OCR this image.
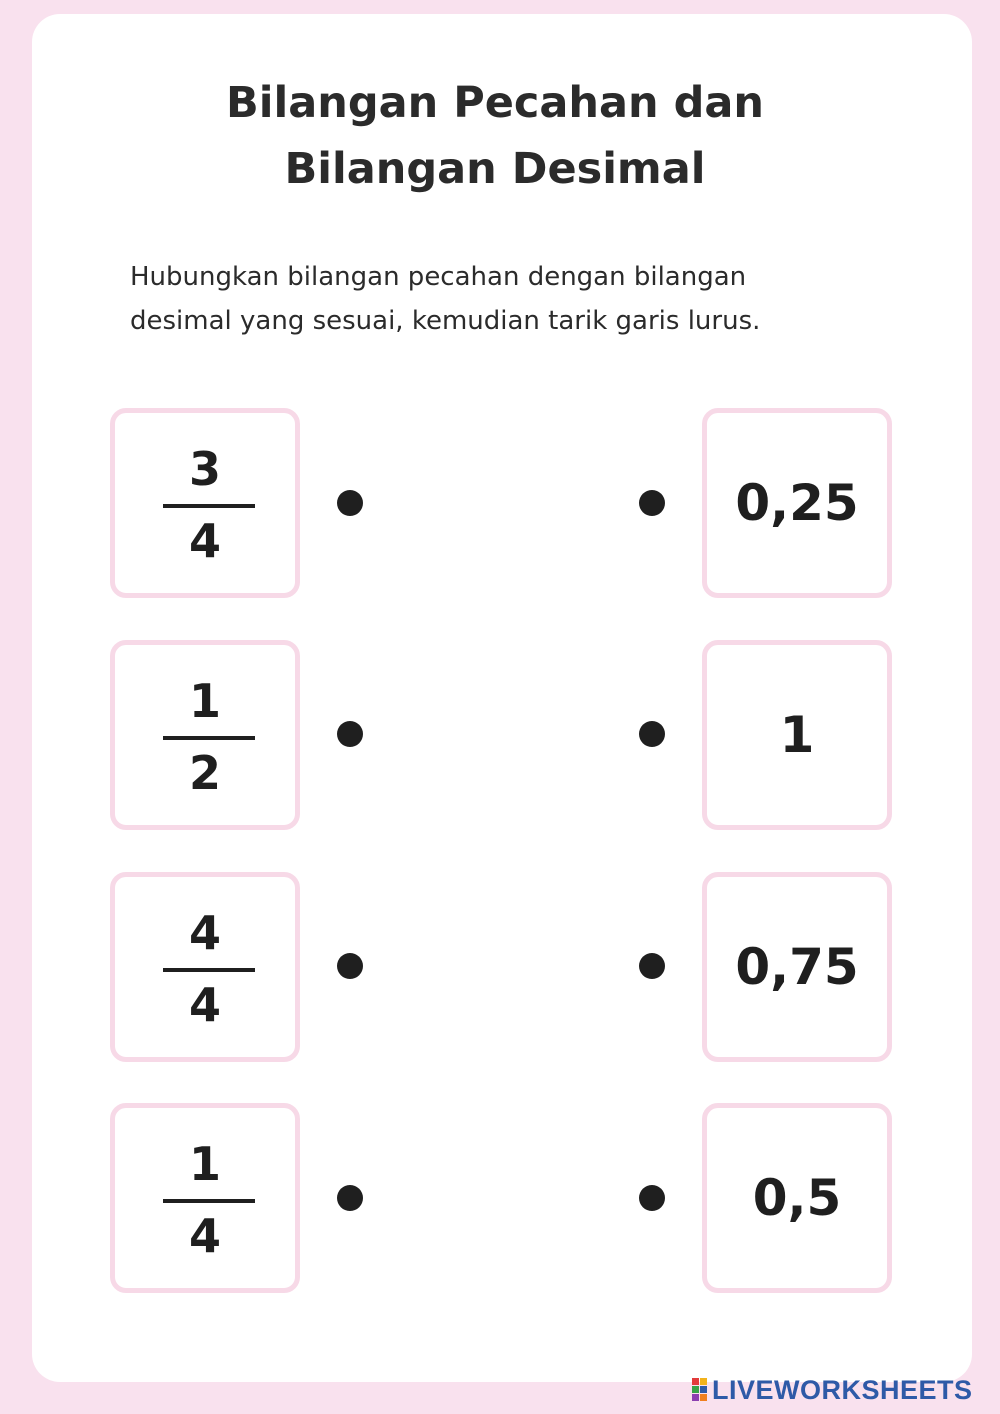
Bilangan Pecahan dan
Bilangan Desimal
Hubungkan bilangan pecahan dengan bilangan
desimal yang sesuai, kemudian tarik garis lurus.
3
4
0,25
1
2
1
4
4
0,75
1
4
0,5
LIVEWORKSHEETS
